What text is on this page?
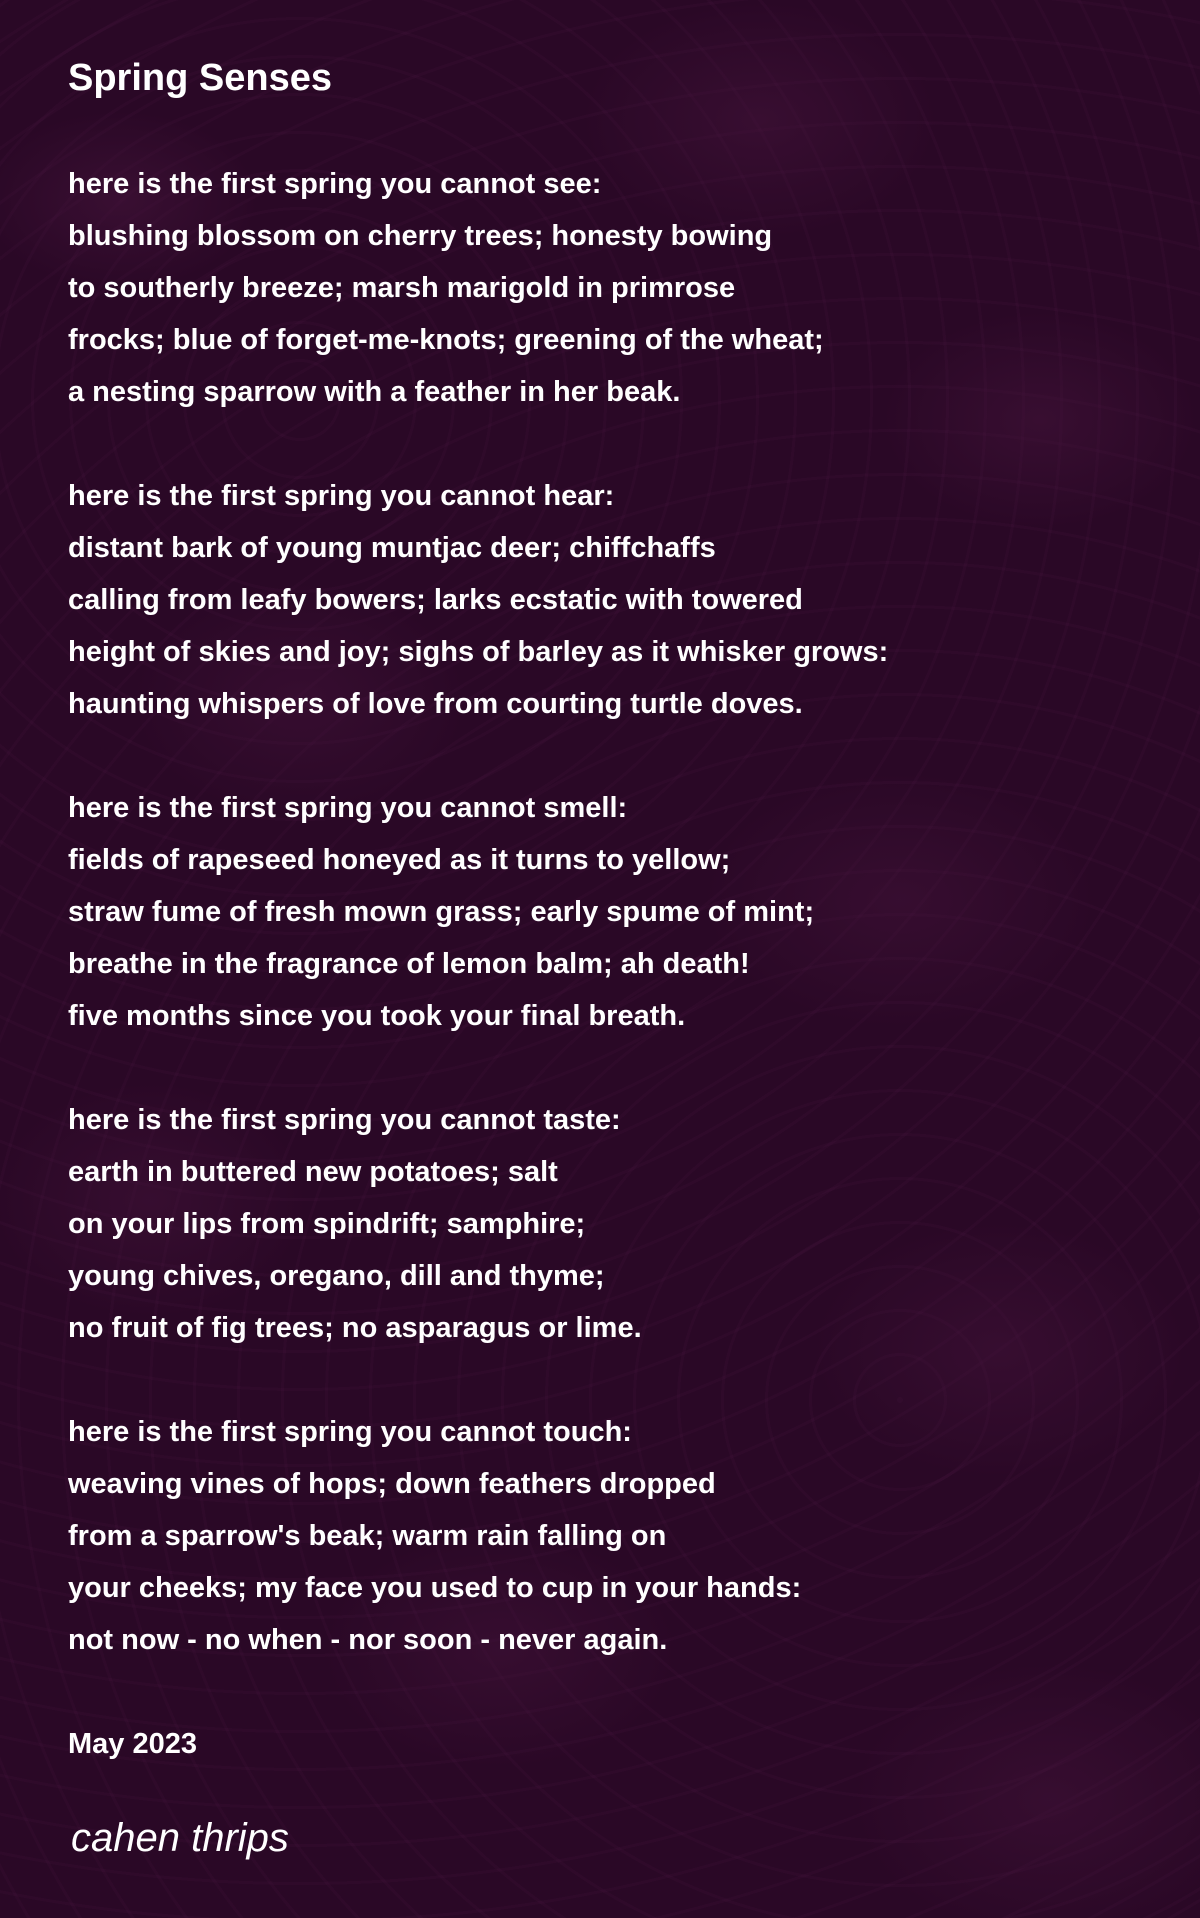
Spring Senses
here is the first spring you cannot see:
blushing blossom on cherry trees; honesty bowing
to southerly breeze; marsh marigold in primrose
frocks; blue of forget-me-knots; greening of the wheat;
a nesting sparrow with a feather in her beak.
here is the first spring you cannot hear:
distant bark of young muntjac deer; chiffchaffs
calling from leafy bowers; larks ecstatic with towered
height of skies and joy; sighs of barley as it whisker grows:
haunting whispers of love from courting turtle doves.
here is the first spring you cannot smell:
fields of rapeseed honeyed as it turns to yellow;
straw fume of fresh mown grass; early spume of mint;
breathe in the fragrance of lemon balm; ah death!
five months since you took your final breath.
here is the first spring you cannot taste:
earth in buttered new potatoes; salt
on your lips from spindrift; samphire;
young chives, oregano, dill and thyme;
no fruit of fig trees; no asparagus or lime.
here is the first spring you cannot touch:
weaving vines of hops; down feathers dropped
from a sparrow's beak; warm rain falling on
your cheeks; my face you used to cup in your hands:
not now - no when - nor soon - never again.

May 2023

cahen thrips
